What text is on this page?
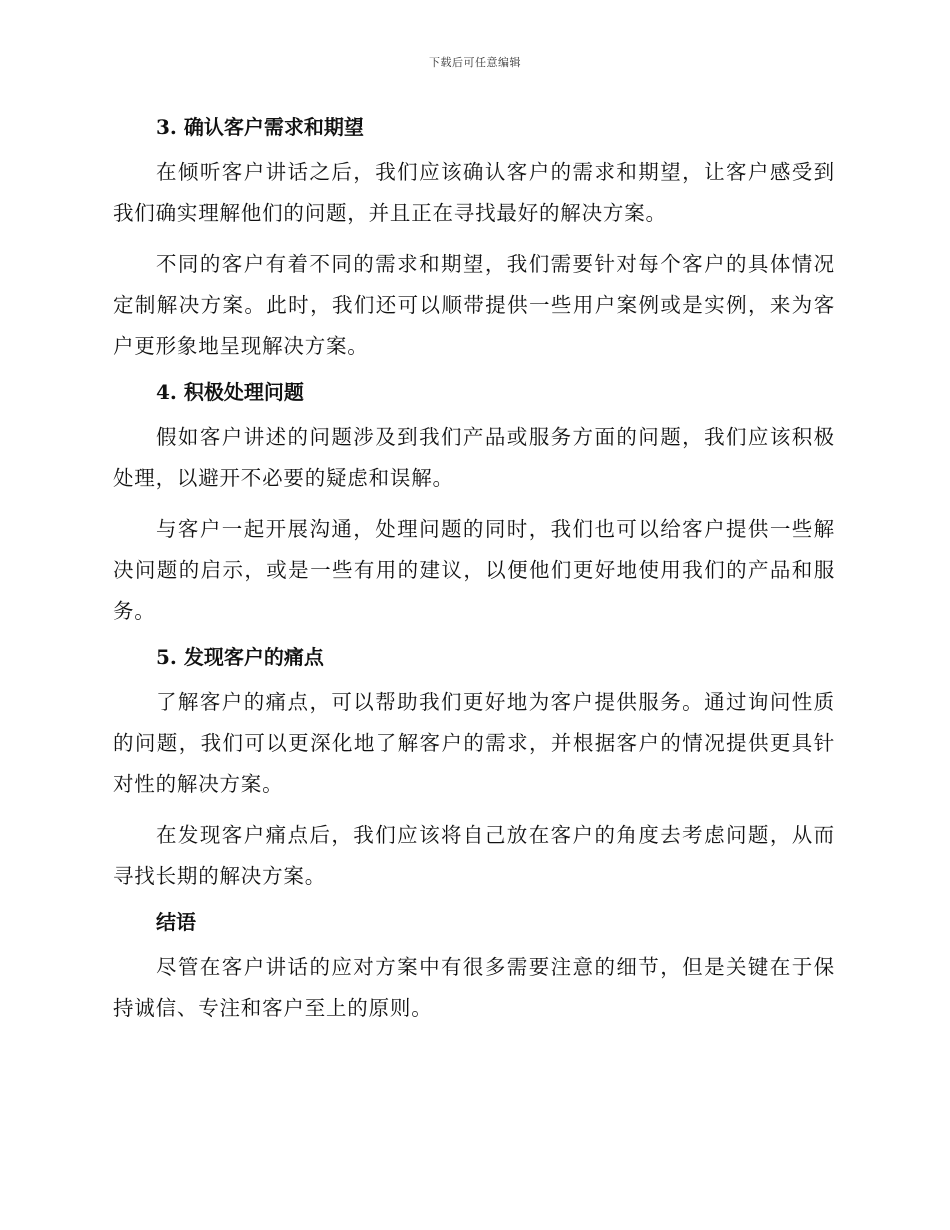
下载后可任意编辑
3. 确认客户需求和期望

在倾听客户讲话之后，我们应该确认客户的需求和期望，让客户感受到我们确实理解他们的问题，并且正在寻找最好的解决方案。

不同的客户有着不同的需求和期望，我们需要针对每个客户的具体情况定制解决方案。此时，我们还可以顺带提供一些用户案例或是实例，来为客户更形象地呈现解决方案。

4. 积极处理问题

假如客户讲述的问题涉及到我们产品或服务方面的问题，我们应该积极处理，以避开不必要的疑虑和误解。

与客户一起开展沟通，处理问题的同时，我们也可以给客户提供一些解决问题的启示，或是一些有用的建议，以便他们更好地使用我们的产品和服务。

5. 发现客户的痛点

了解客户的痛点，可以帮助我们更好地为客户提供服务。通过询问性质的问题，我们可以更深化地了解客户的需求，并根据客户的情况提供更具针对性的解决方案。

在发现客户痛点后，我们应该将自己放在客户的角度去考虑问题，从而寻找长期的解决方案。

结语

尽管在客户讲话的应对方案中有很多需要注意的细节，但是关键在于保持诚信、专注和客户至上的原则。
